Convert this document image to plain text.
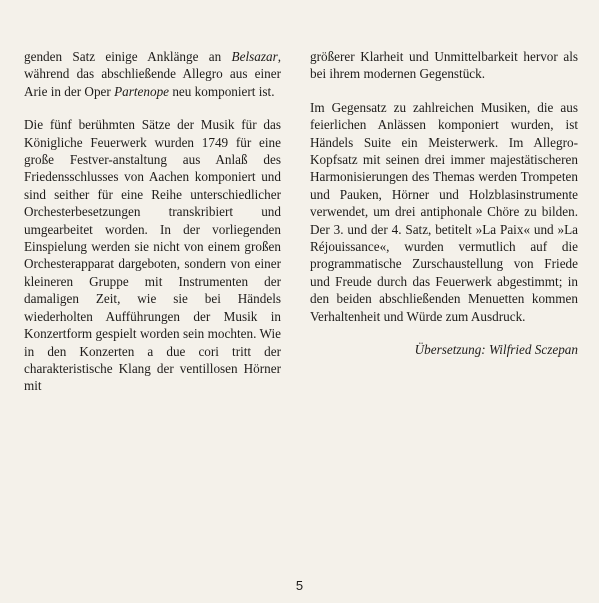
genden Satz einige Anklänge an Belsazar, während das abschließende Allegro aus einer Arie in der Oper Partenope neu komponiert ist.

Die fünf berühmten Sätze der Musik für das Königliche Feuerwerk wurden 1749 für eine große Festver-anstaltung aus Anlaß des Friedensschlusses von Aachen komponiert und sind seither für eine Reihe unterschiedlicher Orchesterbesetzungen transkribiert und umgearbeitet worden. In der vorliegenden Einspielung werden sie nicht von einem großen Orchesterapparat dargeboten, sondern von einer kleineren Gruppe mit Instrumenten der damaligen Zeit, wie sie bei Händels wiederholten Aufführungen der Musik in Konzertform gespielt worden sein mochten. Wie in den Konzerten a due cori tritt der charakteristische Klang der ventillosen Hörner mit

größerer Klarheit und Unmittelbarkeit hervor als bei ihrem modernen Gegenstück.

Im Gegensatz zu zahlreichen Musiken, die aus feierlichen Anlässen komponiert wurden, ist Händels Suite ein Meisterwerk. Im Allegro-Kopfsatz mit seinen drei immer majestätischeren Harmonisierungen des Themas werden Trompeten und Pauken, Hörner und Holzblasinstrumente verwendet, um drei antiphonale Chöre zu bilden. Der 3. und der 4. Satz, betitelt »La Paix« und »La Réjouissance«, wurden vermutlich auf die programmatische Zurschaustellung von Friede und Freude durch das Feuerwerk abgestimmt; in den beiden abschließenden Menuetten kommen Verhaltenheit und Würde zum Ausdruck.

Übersetzung: Wilfried Sczepan

5
